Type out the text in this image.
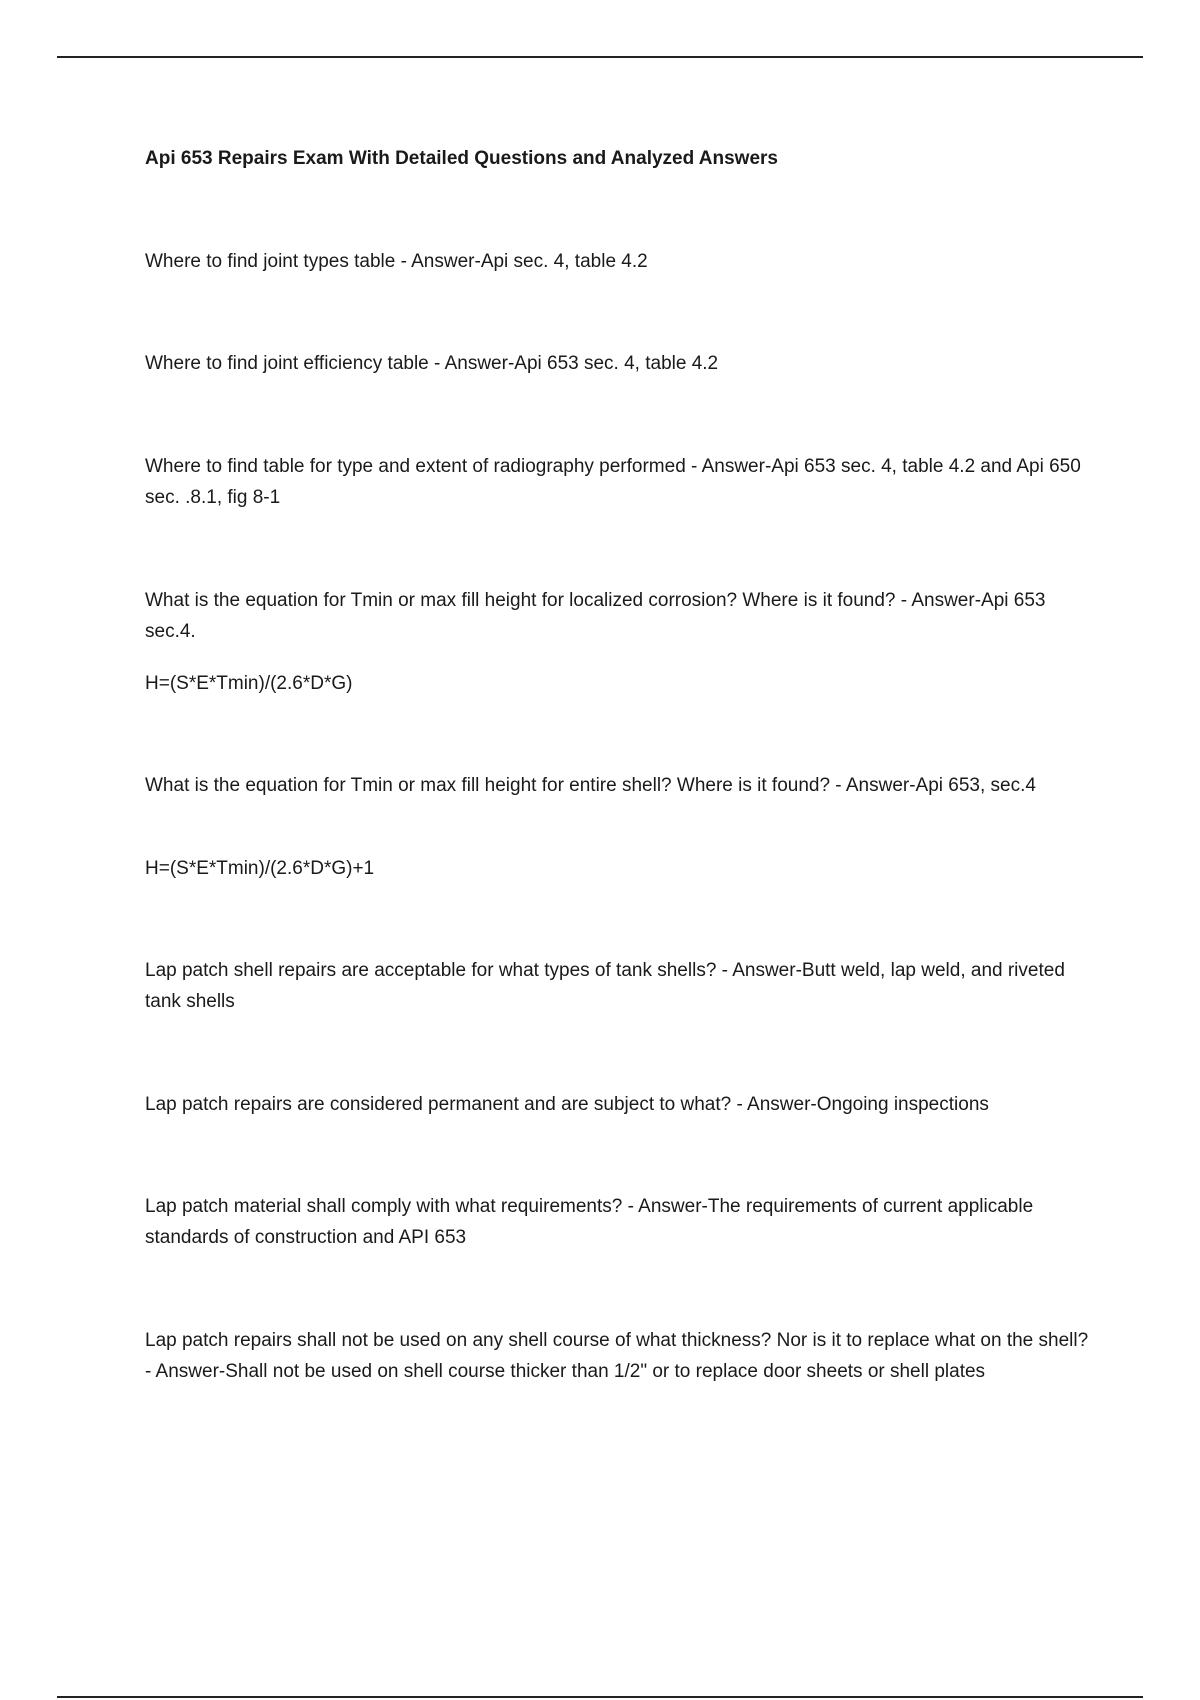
Api 653 Repairs Exam With Detailed Questions and Analyzed Answers

Where to find joint types table - Answer-Api sec. 4, table 4.2

Where to find joint efficiency table - Answer-Api 653 sec. 4, table 4.2

Where to find table for type and extent of radiography performed - Answer-Api 653 sec. 4, table 4.2 and Api 650 sec. .8.1, fig 8-1

What is the equation for Tmin or max fill height for localized corrosion? Where is it found? - Answer-Api 653 sec.4.

H=(S*E*Tmin)/(2.6*D*G)

What is the equation for Tmin or max fill height for entire shell? Where is it found? - Answer-Api 653, sec.4

H=(S*E*Tmin)/(2.6*D*G)+1

Lap patch shell repairs are acceptable for what types of tank shells? - Answer-Butt weld, lap weld, and riveted tank shells

Lap patch repairs are considered permanent and are subject to what? - Answer-Ongoing inspections

Lap patch material shall comply with what requirements? - Answer-The requirements of current applicable standards of construction and API 653

Lap patch repairs shall not be used on any shell course of what thickness? Nor is it to replace what on the shell? - Answer-Shall not be used on shell course thicker than 1/2" or to replace door sheets or shell plates
